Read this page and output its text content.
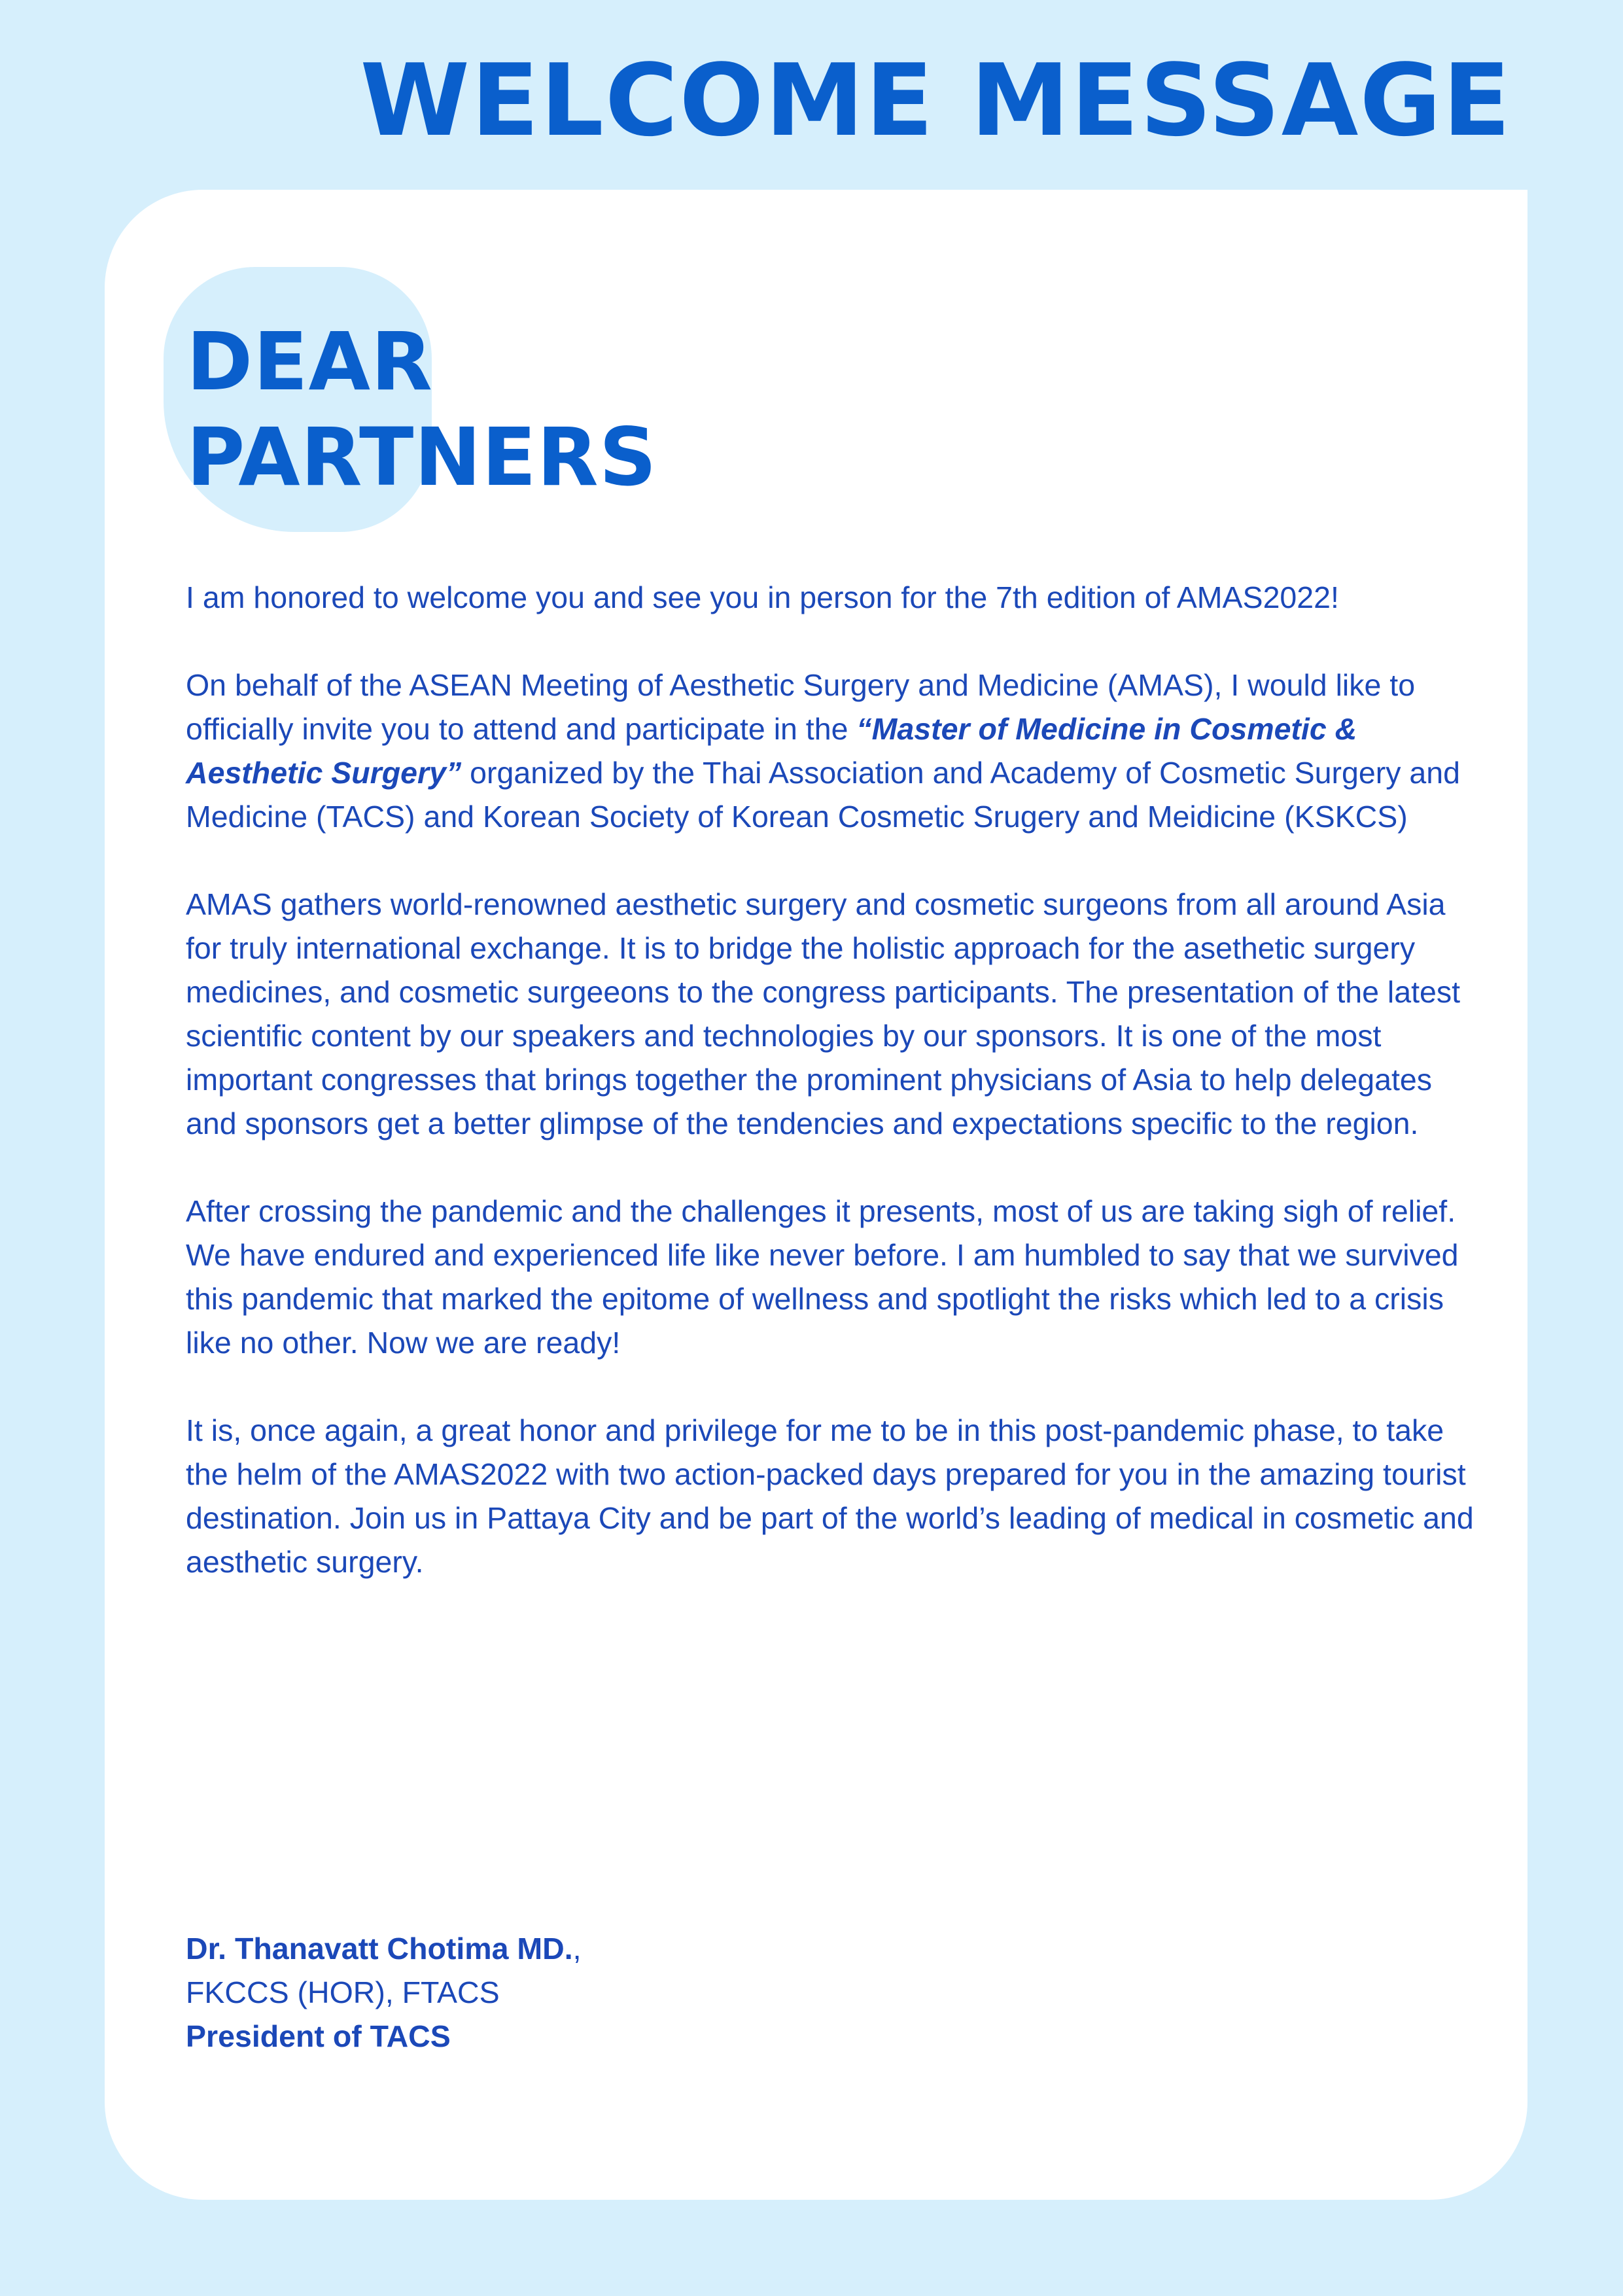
WELCOME MESSAGE
DEAR
PARTNERS

I am honored to welcome you and see you in person for the 7th edition of AMAS2022!

On behalf of the ASEAN Meeting of Aesthetic Surgery and Medicine (AMAS), I would like to officially invite you to attend and participate in the “Master of Medicine in Cosmetic & Aesthetic Surgery” organized by the Thai Association and Academy of Cosmetic Surgery and Medicine (TACS) and Korean Society of Korean Cosmetic Srugery and Meidicine (KSKCS)

AMAS gathers world-renowned aesthetic surgery and cosmetic surgeons from all around Asia for truly international exchange. It is to bridge the holistic approach for the asethetic surgery medicines, and cosmetic surgeeons to the congress participants. The presentation of the latest scientific content by our speakers and technologies by our sponsors. It is one of the most important congresses that brings together the prominent physicians of Asia to help delegates and sponsors get a better glimpse of the tendencies and expectations specific to the region.

After crossing the pandemic and the challenges it presents, most of us are taking sigh of relief. We have endured and experienced life like never before. I am humbled to say that we survived this pandemic that marked the epitome of wellness and spotlight the risks which led to a crisis like no other. Now we are ready!

It is, once again, a great honor and privilege for me to be in this post-pandemic phase, to take the helm of the AMAS2022 with two action-packed days prepared for you in the amazing tourist destination. Join us in Pattaya City and be part of the world’s leading of medical in cosmetic and aesthetic surgery.

Dr. Thanavatt Chotima MD.,
FKCCS (HOR), FTACS
President of TACS
